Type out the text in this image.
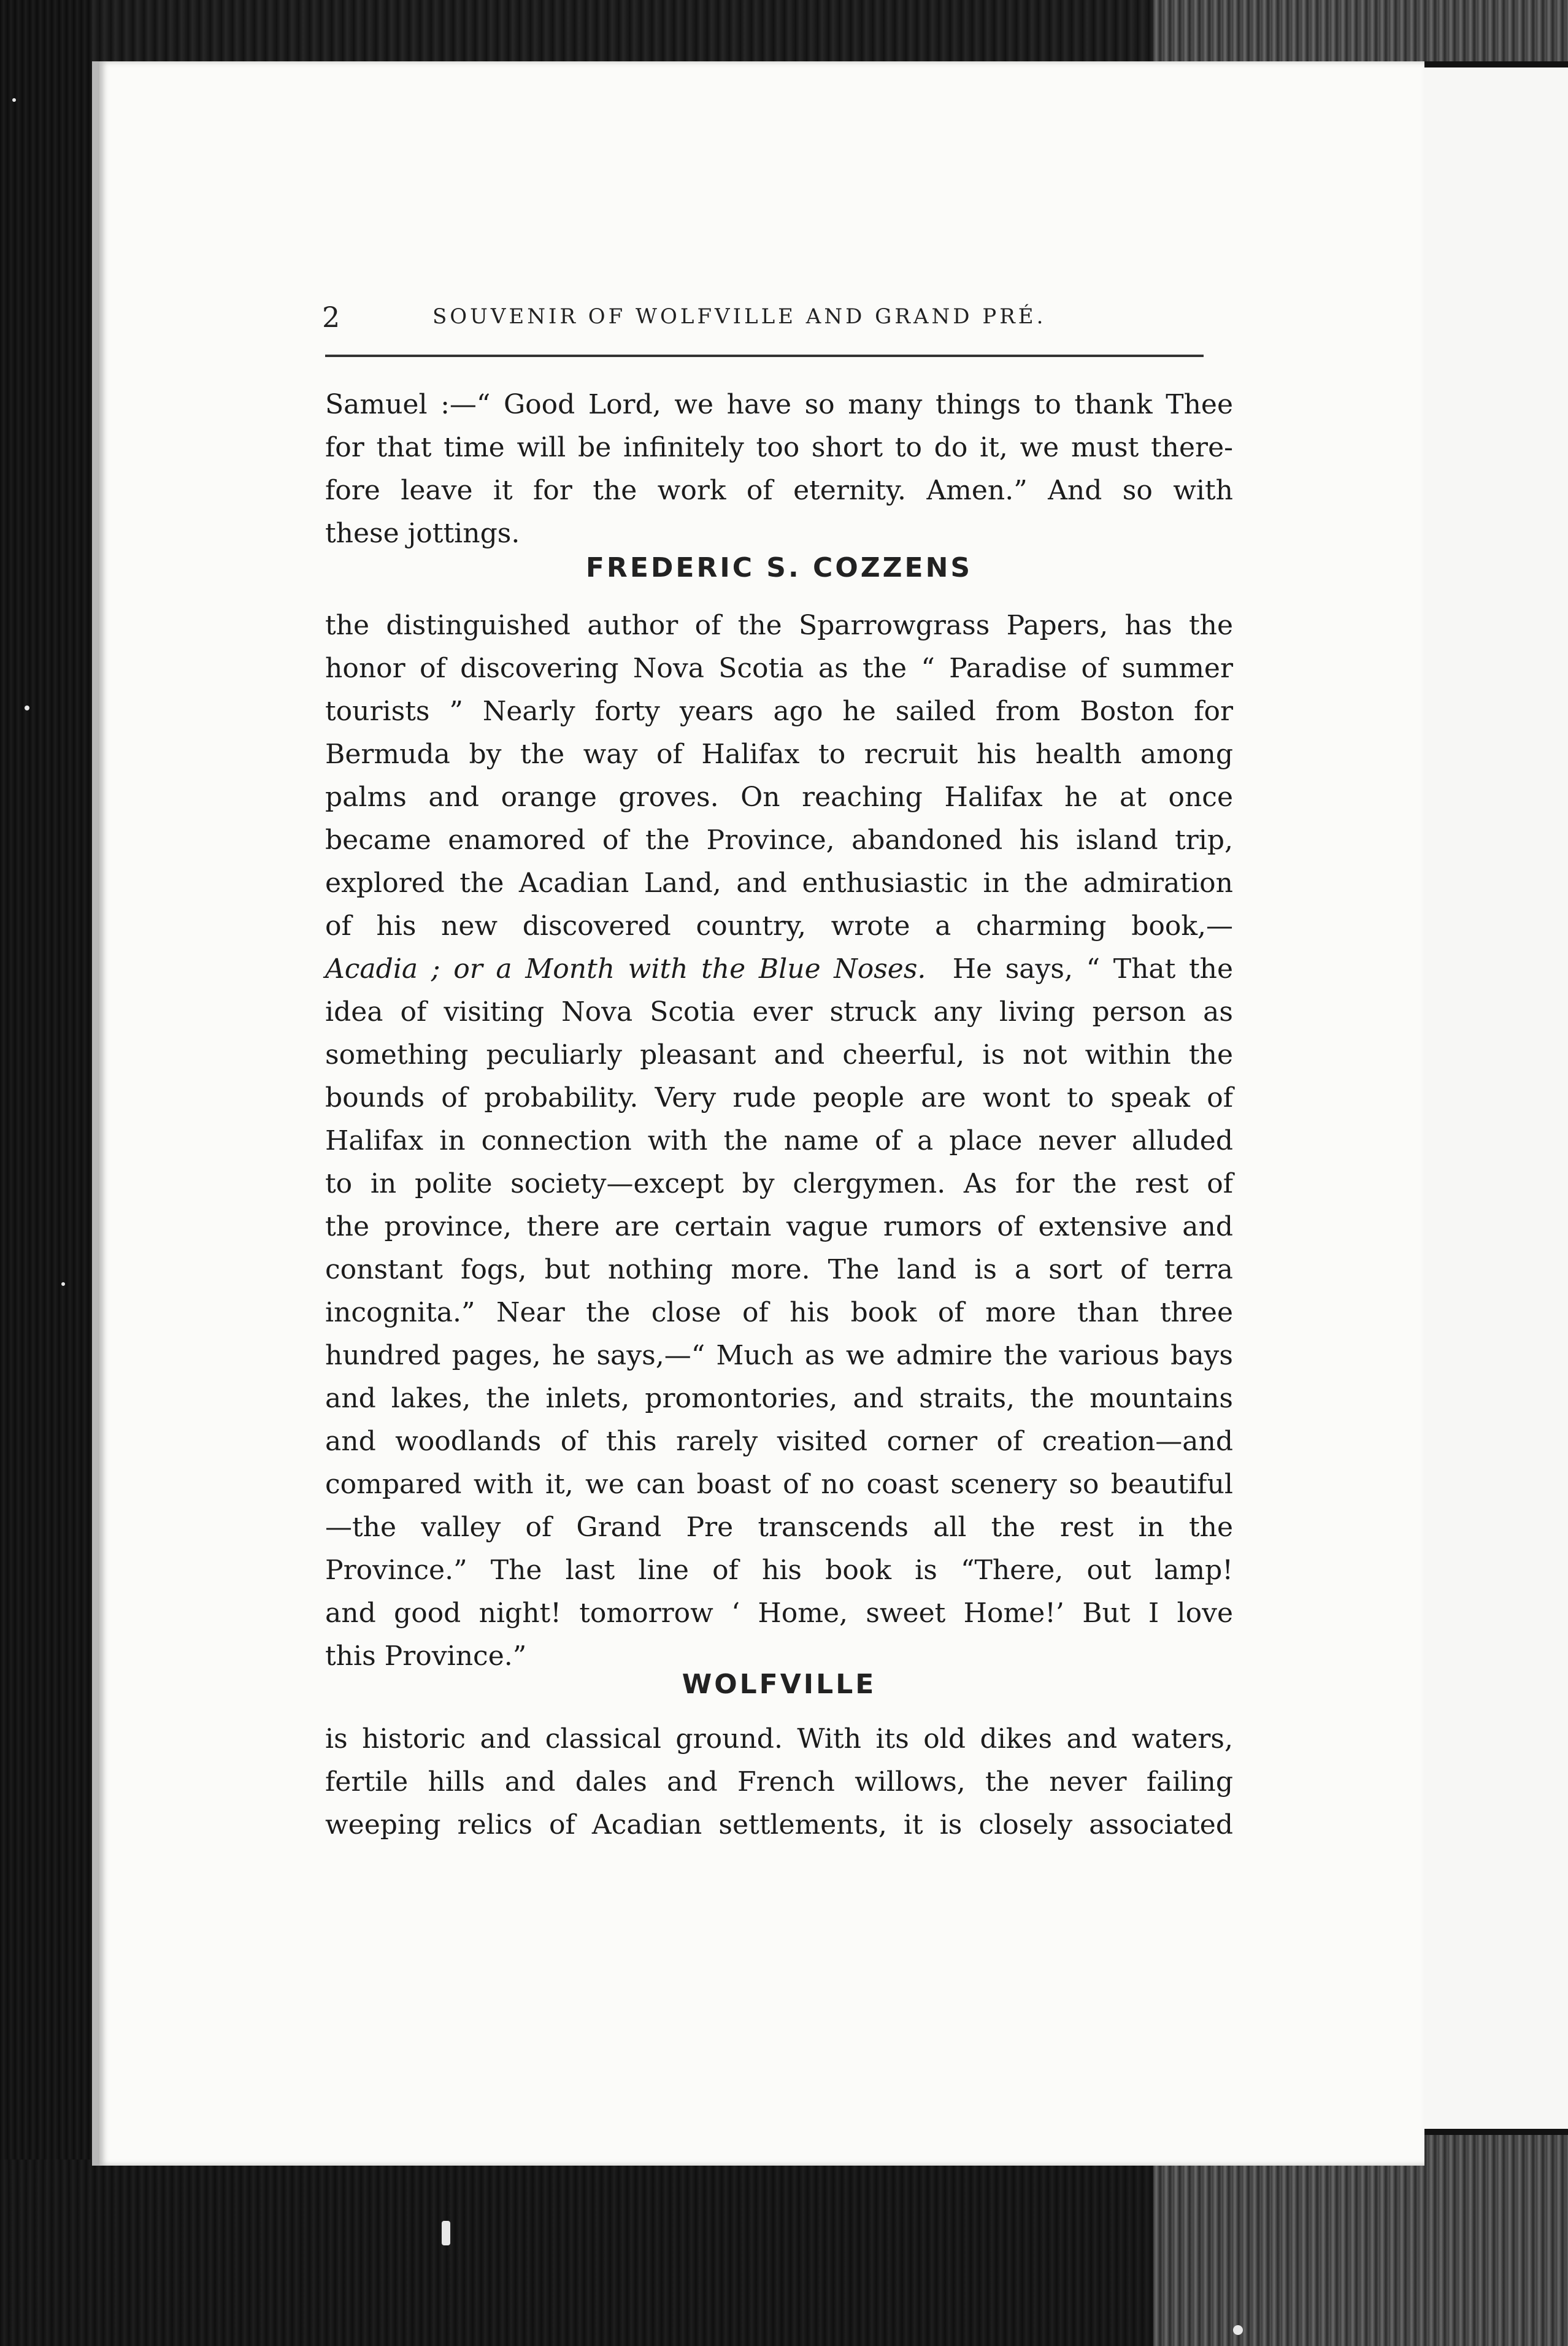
2	SOUVENIR OF WOLFVILLE AND GRAND PRÉ.
Samuel :—“ Good Lord, we have so many things to thank Thee
for that time will be infinitely too short to do it, we must there-
fore leave it for the work of eternity. Amen.” And so with
these jottings.
FREDERIC S. COZZENS
the distinguished author of the Sparrowgrass Papers, has the
honor of discovering Nova Scotia as the “ Paradise of summer
tourists ” Nearly forty years ago he sailed from Boston for
Bermuda by the way of Halifax to recruit his health among
palms and orange groves. On reaching Halifax he at once
became enamored of the Province, abandoned his island trip,
explored the Acadian Land, and enthusiastic in the admiration
of his new discovered country, wrote a charming book,—
Acadia ; or a Month with the Blue Noses. He says, “ That the
idea of visiting Nova Scotia ever struck any living person as
something peculiarly pleasant and cheerful, is not within the
bounds of probability. Very rude people are wont to speak of
Halifax in connection with the name of a place never alluded
to in polite society—except by clergymen. As for the rest of
the province, there are certain vague rumors of extensive and
constant fogs, but nothing more. The land is a sort of terra
incognita.” Near the close of his book of more than three
hundred pages, he says,—“ Much as we admire the various bays
and lakes, the inlets, promontories, and straits, the mountains
and woodlands of this rarely visited corner of creation—and
compared with it, we can boast of no coast scenery so beautiful
—the valley of Grand Pre transcends all the rest in the
Province.” The last line of his book is “There, out lamp!
and good night! tomorrow ‘ Home, sweet Home!’ But I love
this Province.”
WOLFVILLE
is historic and classical ground. With its old dikes and waters,
fertile hills and dales and French willows, the never failing
weeping relics of Acadian settlements, it is closely associated
